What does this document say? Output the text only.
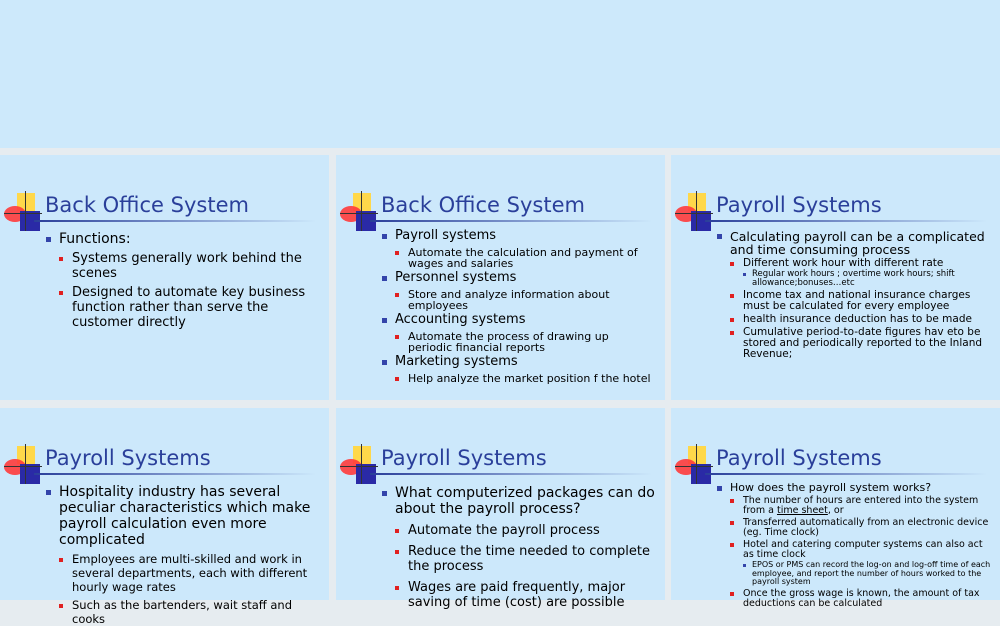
Back Office System
Functions:
Systems generally work behind the scenes
Designed to automate key business function rather than serve the customer directly
Back Office System
Payroll systems
Automate the calculation and payment of wages and salaries
Personnel systems
Store and analyze information about employees
Accounting systems
Automate the process of drawing up periodic financial reports
Marketing systems
Help analyze the market position f the hotel
Payroll Systems
Calculating payroll can be a complicated and time consuming process
Different work hour with different rate
Regular work hours ; overtime work hours; shift allowance;bonuses…etc
Income tax and national insurance charges must be calculated for every employee
health insurance deduction has to be made
Cumulative period-to-date figures hav eto be stored and periodically reported to the Inland Revenue;
Payroll Systems
Hospitality industry has several peculiar characteristics which make payroll calculation even more complicated
Employees are multi-skilled and work in several departments, each with different hourly wage rates
Such as the bartenders, wait staff and cooks
Payroll Systems
What computerized packages can do about the payroll process?
Automate the payroll process
Reduce the time needed to complete the process
Wages are paid frequently, major saving of time (cost) are possible
Payroll Systems
How does the payroll system works?
The number of hours are entered into the system from a time sheet, or
Transferred automatically from an electronic device (eg. Time clock)
Hotel and catering computer systems can also act as time clock
EPOS or PMS can record the log-on and log-off time of each employee, and report the number of hours worked to the payroll system
Once the gross wage is known, the amount of tax deductions can be calculated
